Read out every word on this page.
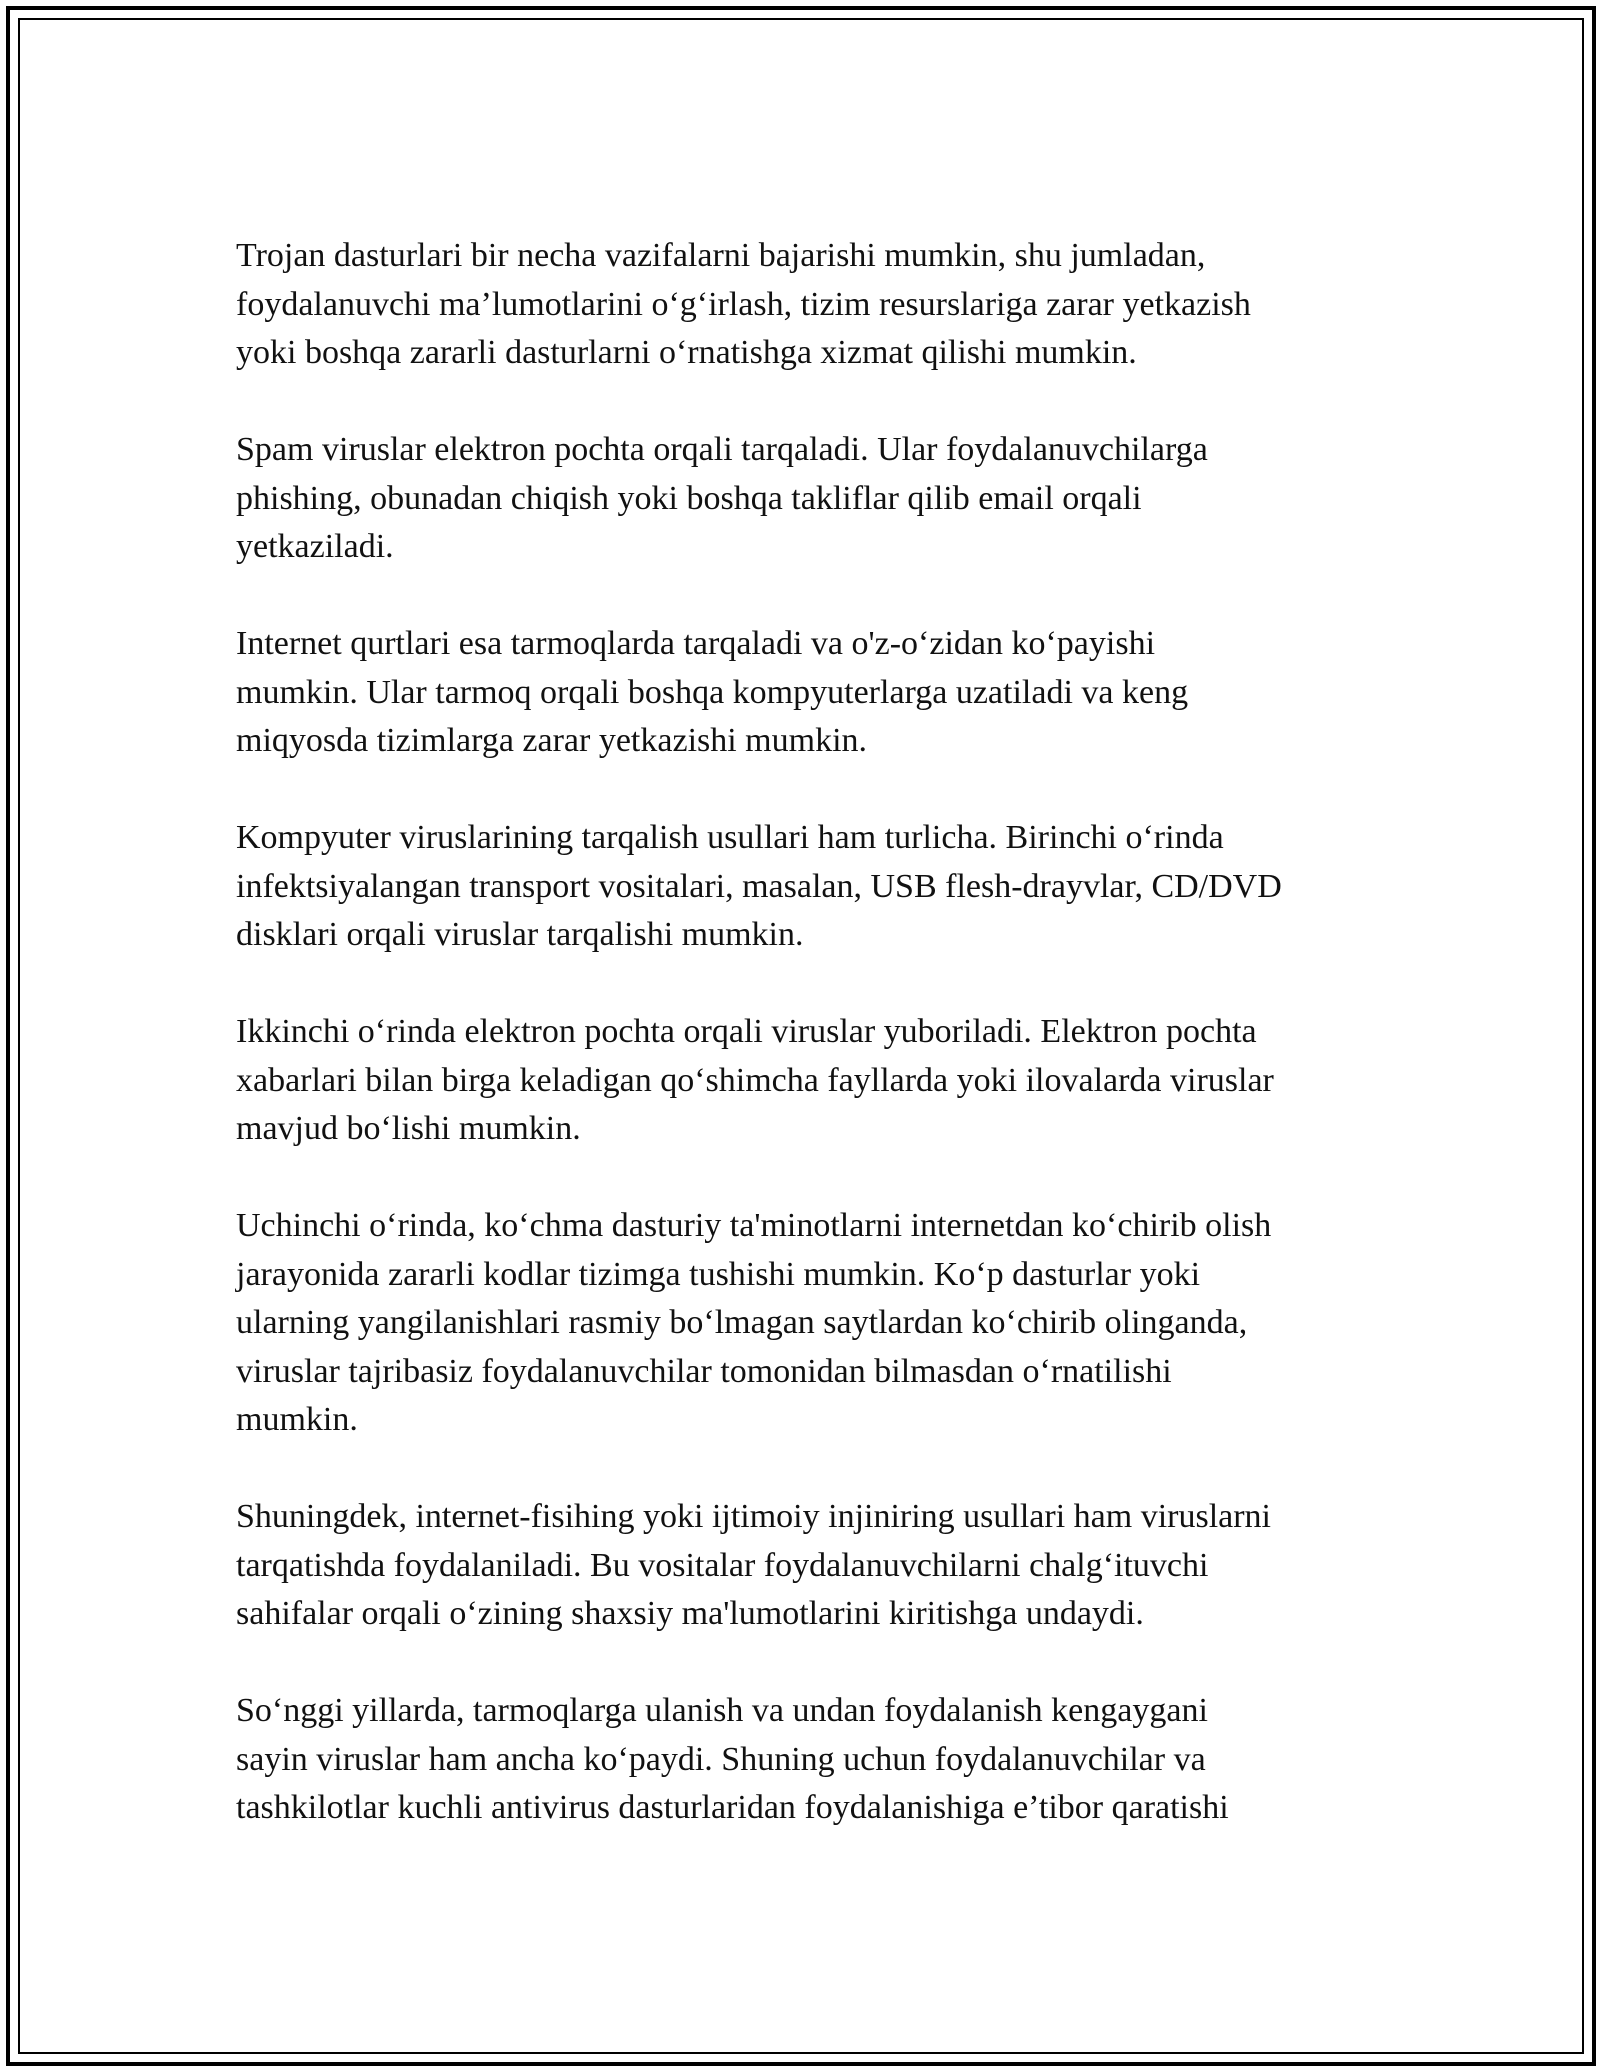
Trojan dasturlari bir necha vazifalarni bajarishi mumkin, shu jumladan,
foydalanuvchi ma’lumotlarini o‘g‘irlash, tizim resurslariga zarar yetkazish
yoki boshqa zararli dasturlarni o‘rnatishga xizmat qilishi mumkin.

Spam viruslar elektron pochta orqali tarqaladi. Ular foydalanuvchilarga
phishing, obunadan chiqish yoki boshqa takliflar qilib email orqali
yetkaziladi.

Internet qurtlari esa tarmoqlarda tarqaladi va o'z-o‘zidan ko‘payishi
mumkin. Ular tarmoq orqali boshqa kompyuterlarga uzatiladi va keng
miqyosda tizimlarga zarar yetkazishi mumkin.

Kompyuter viruslarining tarqalish usullari ham turlicha. Birinchi o‘rinda
infektsiyalangan transport vositalari, masalan, USB flesh-drayvlar, CD/DVD
disklari orqali viruslar tarqalishi mumkin.

Ikkinchi o‘rinda elektron pochta orqali viruslar yuboriladi. Elektron pochta
xabarlari bilan birga keladigan qo‘shimcha fayllarda yoki ilovalarda viruslar
mavjud bo‘lishi mumkin.

Uchinchi o‘rinda, ko‘chma dasturiy ta'minotlarni internetdan ko‘chirib olish
jarayonida zararli kodlar tizimga tushishi mumkin. Ko‘p dasturlar yoki
ularning yangilanishlari rasmiy bo‘lmagan saytlardan ko‘chirib olinganda,
viruslar tajribasiz foydalanuvchilar tomonidan bilmasdan o‘rnatilishi
mumkin.

Shuningdek, internet-fisihing yoki ijtimoiy injiniring usullari ham viruslarni
tarqatishda foydalaniladi. Bu vositalar foydalanuvchilarni chalg‘ituvchi
sahifalar orqali o‘zining shaxsiy ma'lumotlarini kiritishga undaydi.

So‘nggi yillarda, tarmoqlarga ulanish va undan foydalanish kengaygani
sayin viruslar ham ancha ko‘paydi. Shuning uchun foydalanuvchilar va
tashkilotlar kuchli antivirus dasturlaridan foydalanishiga e’tibor qaratishi
